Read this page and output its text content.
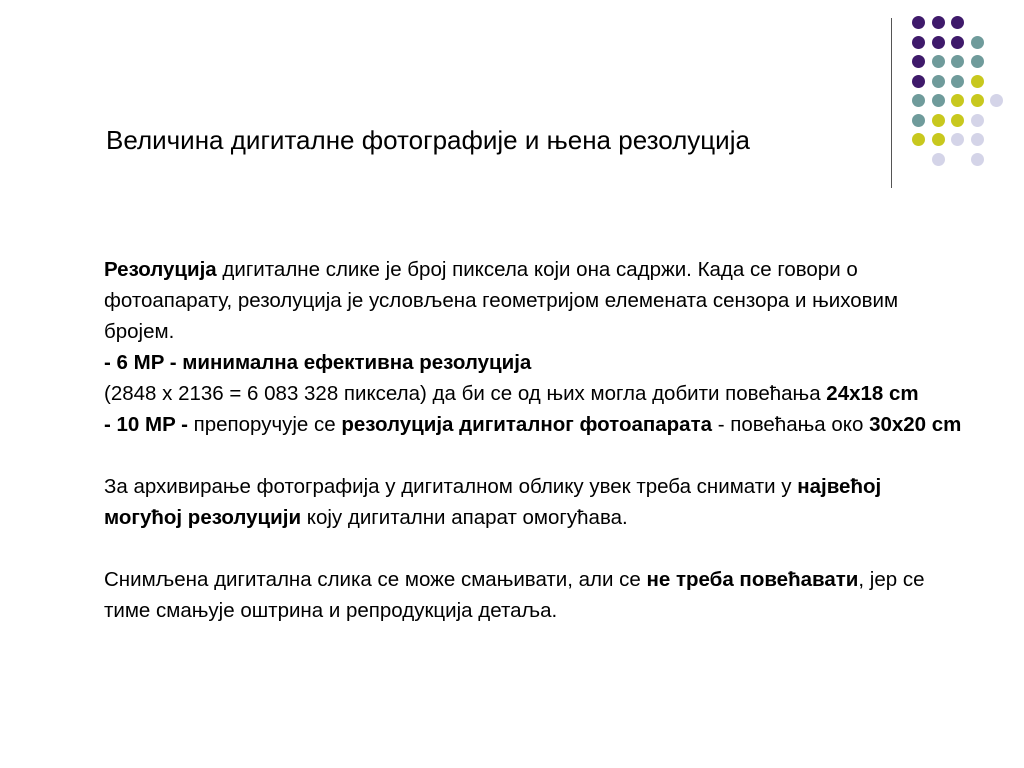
Величина дигиталне фотографије и њена резолуција

Резолуција дигиталне слике је број пиксела који она садржи. Када се говори о фотоапарату, резолуција је условљена геометријом елемената сензора и њиховим бројем.

- 6 MP - минимална ефективна резолуција

(2848 x 2136 = 6 083 328 пиксела) да би се од њих могла добити повећања 24x18 cm

- 10 MP - препоручује се резолуција дигиталног фотоапарата - повећања око 30x20 cm

За архивирање фотографија у дигиталном облику увек треба снимати у највећој могућој резолуцији коју дигитални апарат омогућава.

Снимљена дигитална слика се може смањивати, али се не треба повећавати, јер се тиме смањује оштрина и репродукција детаља.
